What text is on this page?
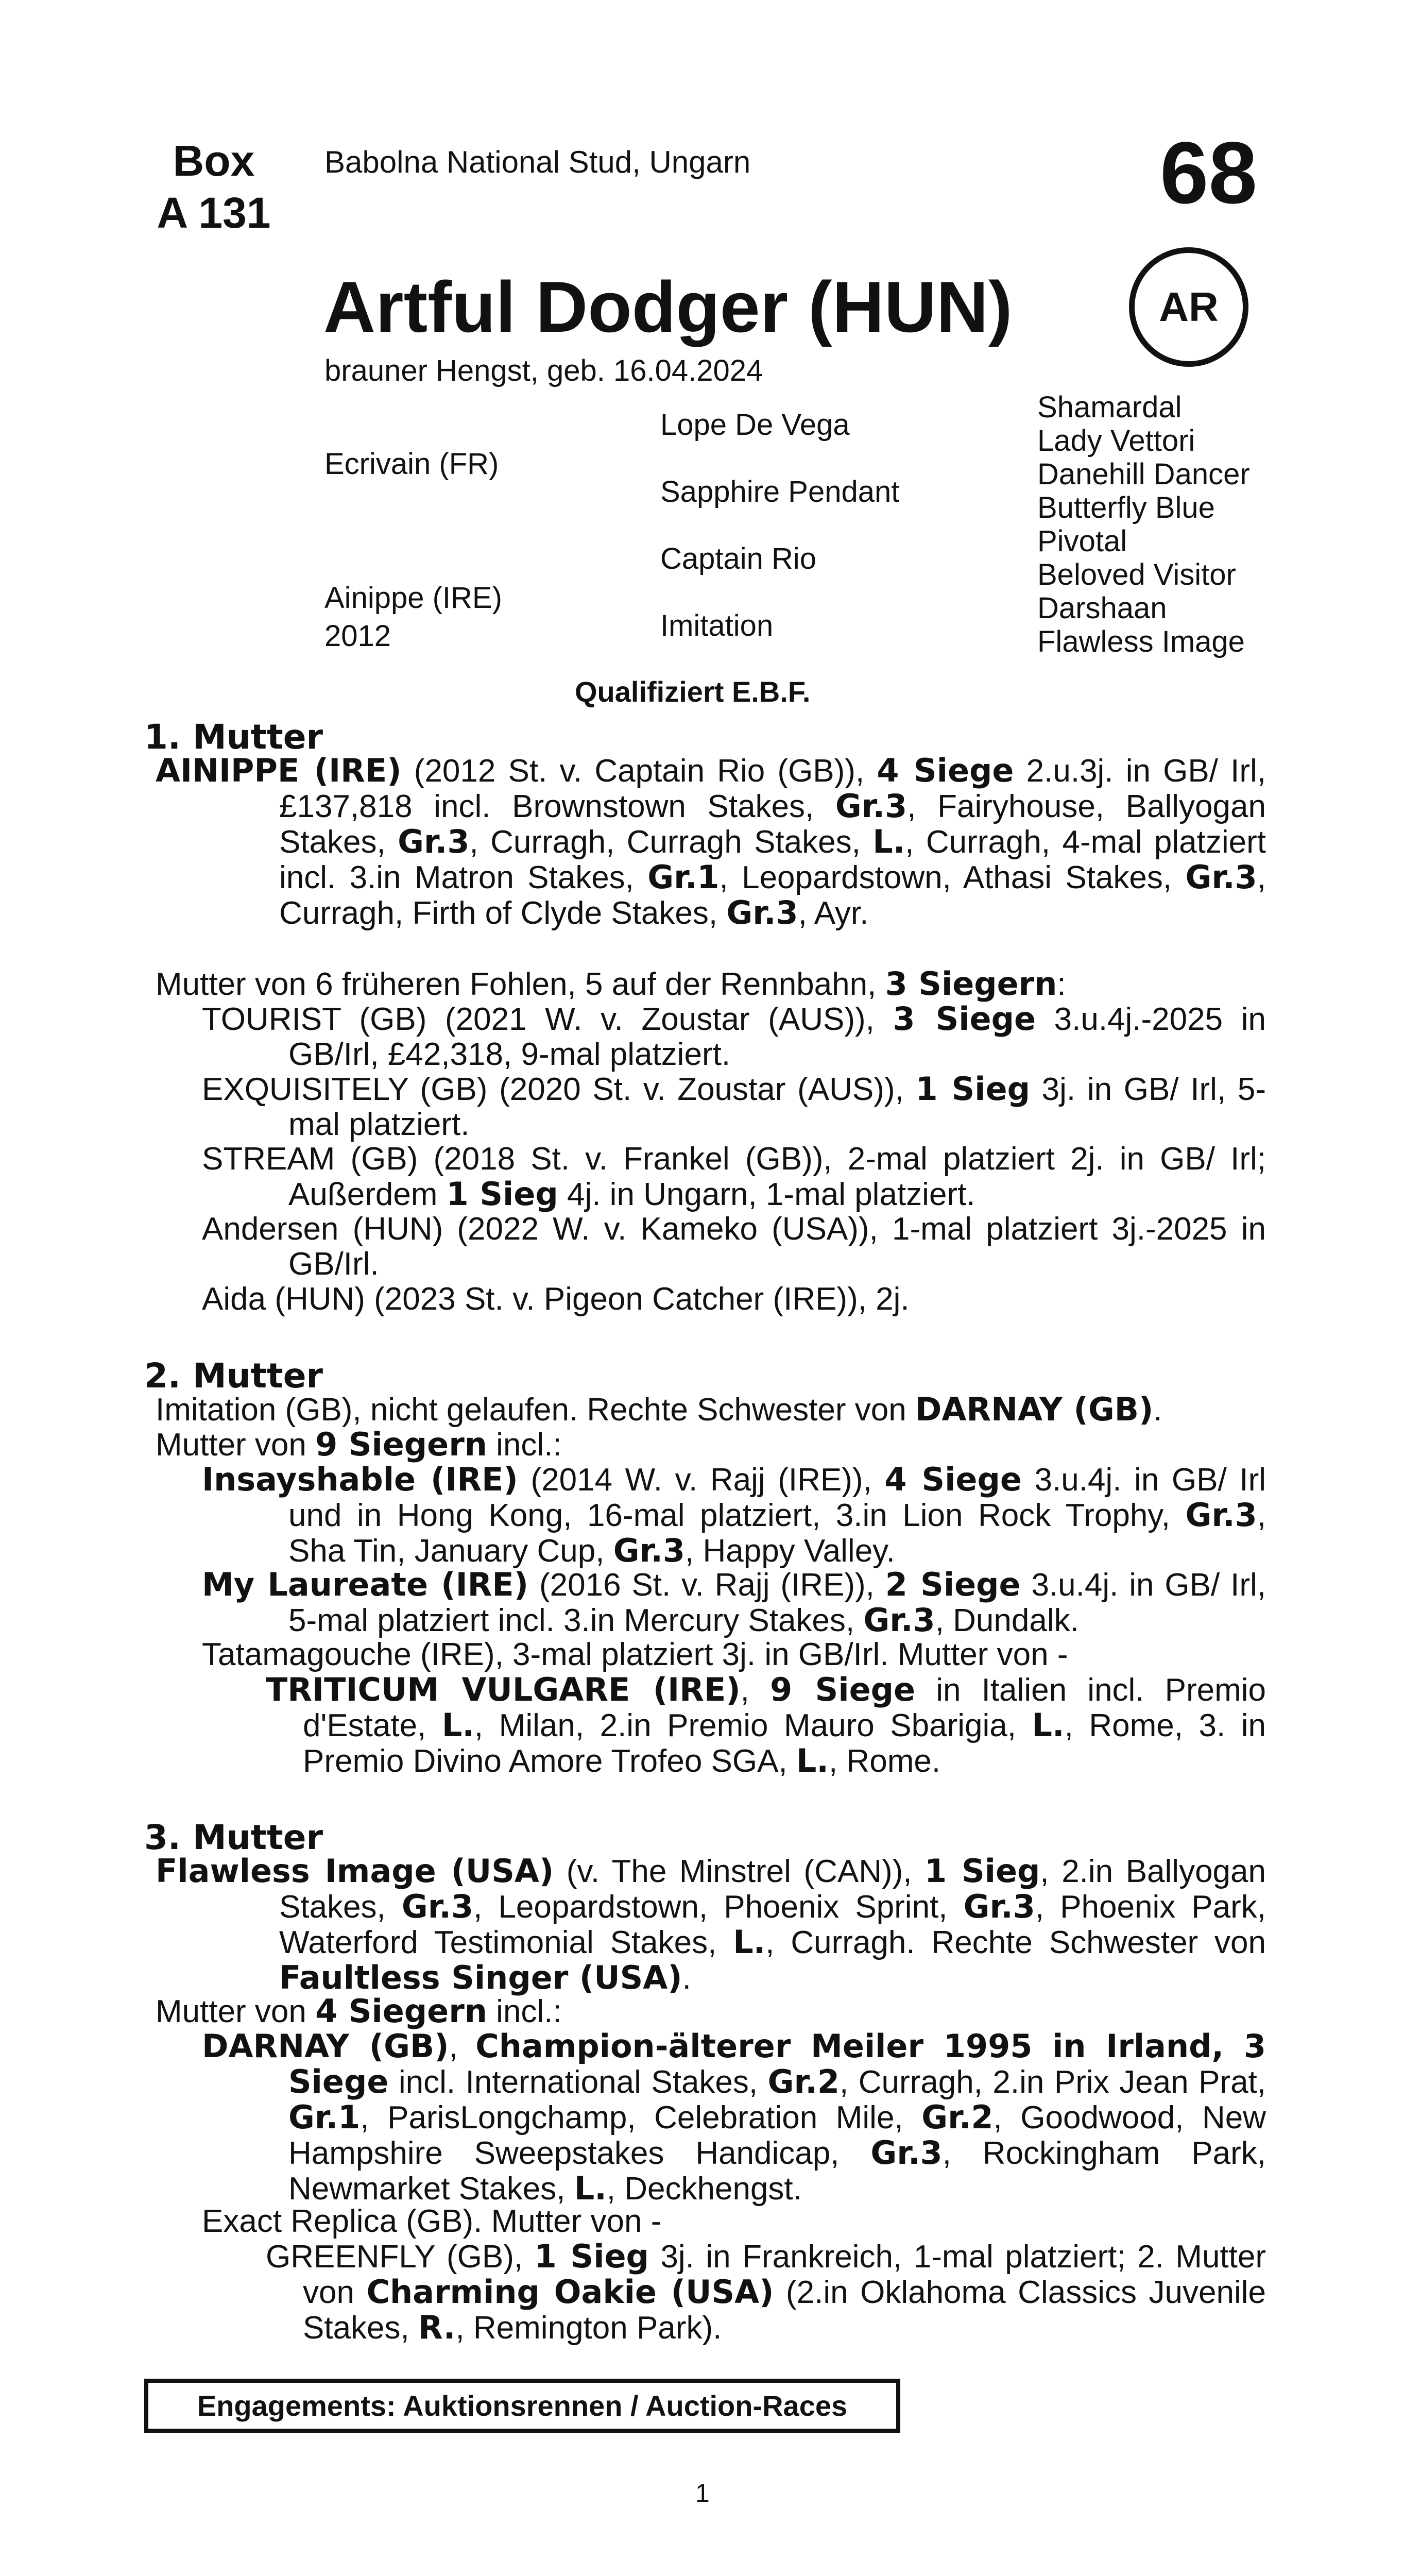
Box
A 131
Babolna National Stud, Ungarn	68
Artful Dodger (HUN)
brauner Hengst, geb. 16.04.2024
AR
Ecrivain (FR)
Ainippe (IRE)
2012
Lope De Vega
Sapphire Pendant
Captain Rio
Imitation
Shamardal
Lady Vettori
Danehill Dancer
Butterfly Blue
Pivotal
Beloved Visitor
Darshaan
Flawless Image
Qualifiziert E.B.F.
1. Mutter
AINIPPE (IRE) (2012 St. v. Captain Rio (GB)), 4 Siege 2.u.3j. in GB/ Irl, £137,818 incl. Brownstown Stakes, Gr.3, Fairyhouse, Ballyogan Stakes, Gr.3, Curragh, Curragh Stakes, L., Curragh, 4-mal platziert incl. 3.in Matron Stakes, Gr.1, Leopardstown, Athasi Stakes, Gr.3, Curragh, Firth of Clyde Stakes, Gr.3, Ayr.
Mutter von 6 früheren Fohlen, 5 auf der Rennbahn, 3 Siegern:
TOURIST (GB) (2021 W. v. Zoustar (AUS)), 3 Siege 3.u.4j.-2025 in GB/Irl, £42,318, 9-mal platziert.
EXQUISITELY (GB) (2020 St. v. Zoustar (AUS)), 1 Sieg 3j. in GB/ Irl, 5-mal platziert.
STREAM (GB) (2018 St. v. Frankel (GB)), 2-mal platziert 2j. in GB/ Irl; Außerdem 1 Sieg 4j. in Ungarn, 1-mal platziert.
Andersen (HUN) (2022 W. v. Kameko (USA)), 1-mal platziert 3j.-2025 in GB/Irl.
Aida (HUN) (2023 St. v. Pigeon Catcher (IRE)), 2j.
2. Mutter
Imitation (GB), nicht gelaufen. Rechte Schwester von DARNAY (GB).
Mutter von 9 Siegern incl.:
Insayshable (IRE) (2014 W. v. Rajj (IRE)), 4 Siege 3.u.4j. in GB/ Irl und in Hong Kong, 16-mal platziert, 3.in Lion Rock Trophy, Gr.3, Sha Tin, January Cup, Gr.3, Happy Valley.
My Laureate (IRE) (2016 St. v. Rajj (IRE)), 2 Siege 3.u.4j. in GB/ Irl, 5-mal platziert incl. 3.in Mercury Stakes, Gr.3, Dundalk.
Tatamagouche (IRE), 3-mal platziert 3j. in GB/Irl. Mutter von -
TRITICUM VULGARE (IRE), 9 Siege in Italien incl. Premio d'Estate, L., Milan, 2.in Premio Mauro Sbarigia, L., Rome, 3. in Premio Divino Amore Trofeo SGA, L., Rome.
3. Mutter
Flawless Image (USA) (v. The Minstrel (CAN)), 1 Sieg, 2.in Ballyogan Stakes, Gr.3, Leopardstown, Phoenix Sprint, Gr.3, Phoenix Park, Waterford Testimonial Stakes, L., Curragh. Rechte Schwester von Faultless Singer (USA).
Mutter von 4 Siegern incl.:
DARNAY (GB), Champion-älterer Meiler 1995 in Irland, 3 Siege incl. International Stakes, Gr.2, Curragh, 2.in Prix Jean Prat, Gr.1, ParisLongchamp, Celebration Mile, Gr.2, Goodwood, New Hampshire Sweepstakes Handicap, Gr.3, Rockingham Park, Newmarket Stakes, L., Deckhengst.
Exact Replica (GB). Mutter von -
GREENFLY (GB), 1 Sieg 3j. in Frankreich, 1-mal platziert; 2. Mutter von Charming Oakie (USA) (2.in Oklahoma Classics Juvenile Stakes, R., Remington Park).
Engagements: Auktionsrennen / Auction-Races
1
